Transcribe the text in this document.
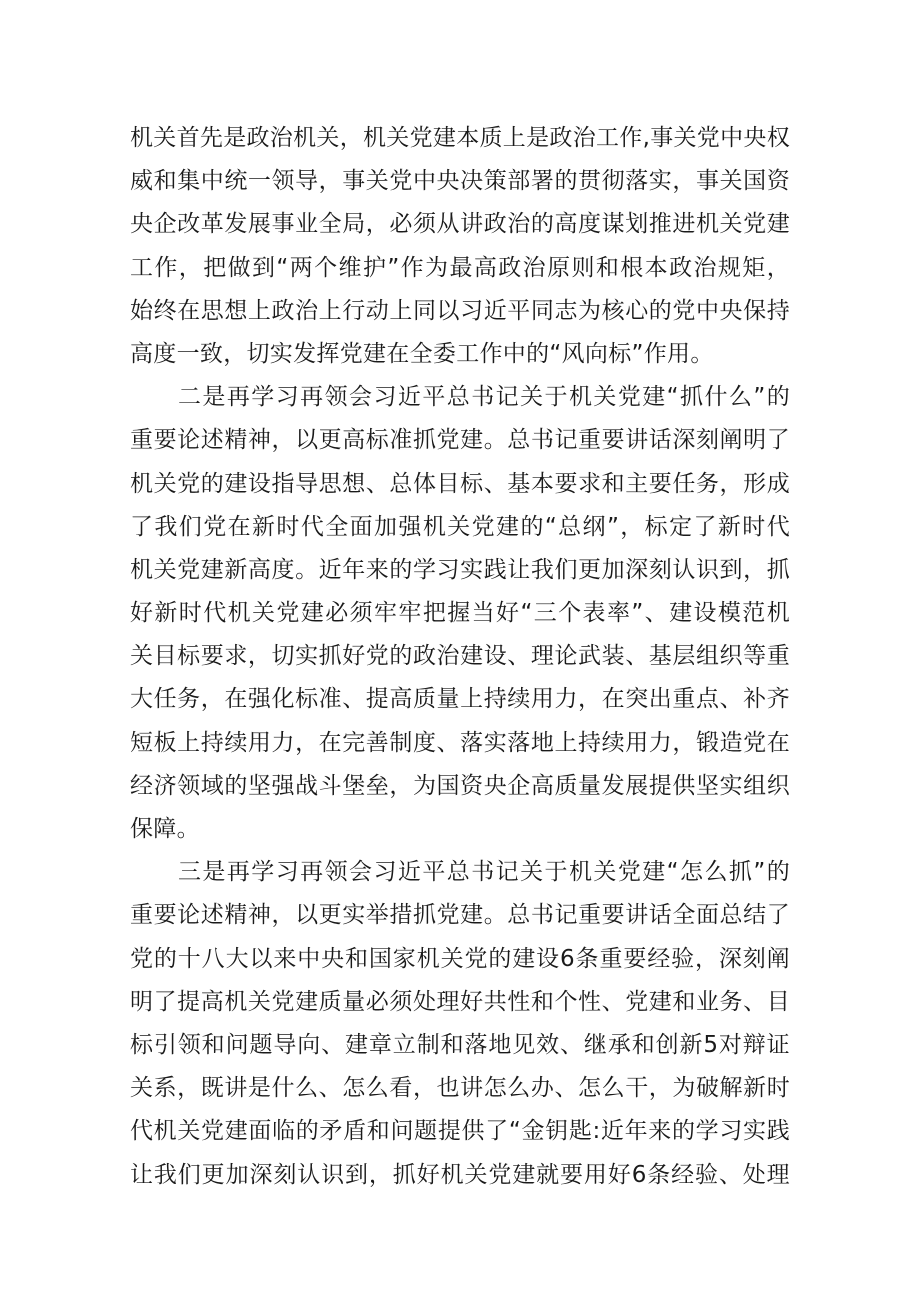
机关首先是政治机关，机关党建本质上是政治工作,事关党中央权
威和集中统一领导，事关党中央决策部署的贯彻落实，事关国资
央企改革发展事业全局，必须从讲政治的高度谋划推进机关党建
工作，把做到“两个维护”作为最高政治原则和根本政治规矩，
始终在思想上政治上行动上同以习近平同志为核心的党中央保持
高度一致，切实发挥党建在全委工作中的“风向标”作用。
二是再学习再领会习近平总书记关于机关党建“抓什么”的
重要论述精神，以更高标准抓党建。总书记重要讲话深刻阐明了
机关党的建设指导思想、总体目标、基本要求和主要任务，形成
了我们党在新时代全面加强机关党建的“总纲”，标定了新时代
机关党建新高度。近年来的学习实践让我们更加深刻认识到，抓
好新时代机关党建必须牢牢把握当好“三个表率”、建设模范机
关目标要求，切实抓好党的政治建设、理论武装、基层组织等重
大任务，在强化标准、提高质量上持续用力，在突出重点、补齐
短板上持续用力，在完善制度、落实落地上持续用力，锻造党在
经济领域的坚强战斗堡垒，为国资央企高质量发展提供坚实组织
保障。
三是再学习再领会习近平总书记关于机关党建“怎么抓”的
重要论述精神，以更实举措抓党建。总书记重要讲话全面总结了
党的十八大以来中央和国家机关党的建设6条重要经验，深刻阐
明了提高机关党建质量必须处理好共性和个性、党建和业务、目
标引领和问题导向、建章立制和落地见效、继承和创新5对辩证
关系，既讲是什么、怎么看，也讲怎么办、怎么干，为破解新时
代机关党建面临的矛盾和问题提供了“金钥匙:近年来的学习实践
让我们更加深刻认识到，抓好机关党建就要用好6条经验、处理
